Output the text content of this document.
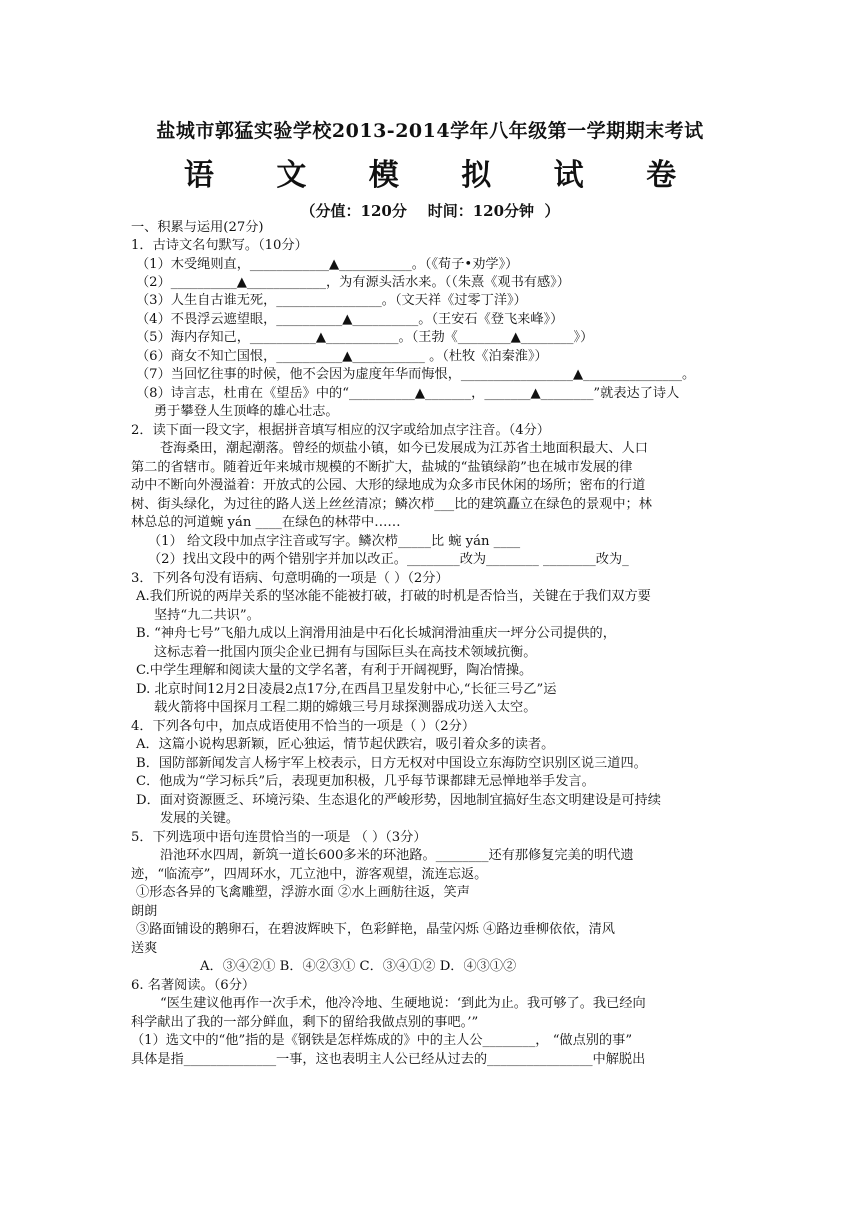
盐城市郭猛实验学校2013-2014学年八年级第一学期期末考试
语 文 模 拟 试 卷
（分值：120分    时间：120分钟  ）
一、积累与运用(27分)
1．古诗文名句默写。（10分）
（1）木受绳则直，____________▲___________。（《荀子•劝学》）
（2）__________▲____________，为有源头活水来。（（朱熹《观书有感》）
（3）人生自古谁无死，________________。（文天祥《过零丁洋》）
（4）不畏浮云遮望眼，__________▲__________。（王安石《登飞来峰》）
（5）海内存知己，__________▲___________。（王勃《________▲________》）
（6）商女不知亡国恨，__________▲___________ 。（杜牧《泊秦淮》）
（7）当回忆往事的时候，他不会因为虚度年华而悔恨，_________________▲_______________。
（8）诗言志，杜甫在《望岳》中的“__________▲_______，_______▲________”就表达了诗人
勇于攀登人生顶峰的雄心壮志。
2．读下面一段文字，根据拼音填写相应的汉字或给加点字注音。（4分）
苍海桑田，潮起潮落。曾经的烦盐小镇，如今已发展成为江苏省土地面积最大、人口
第二的省辖市。随着近年来城市规模的不断扩大，盐城的“盐镇绿韵”也在城市发展的律
动中不断向外漫溢着：开放式的公园、大形的绿地成为众多市民休闲的场所；密布的行道
树、街头绿化，为过往的路人送上丝丝清凉；鳞次栉___比的建筑矗立在绿色的景观中；林
林总总的河道蜿 yán ____在绿色的林带中……
（1） 给文段中加点字注音或写字。鳞次栉_____比 蜿 yán ____
（2）找出文段中的两个错别字并加以改正。________改为________ ________改为_
3．下列各句没有语病、句意明确的一项是（ ）（2分）
A.我们所说的两岸关系的坚冰能不能被打破，打破的时机是否恰当，关键在于我们双方要
坚持“九二共识”。
B. “神舟七号”飞船九成以上润滑用油是中石化长城润滑油重庆一坪分公司提供的，
这标志着一批国内顶尖企业已拥有与国际巨头在高技术领域抗衡。
C.中学生理解和阅读大量的文学名著，有利于开阔视野，陶冶情操。
D. 北京时间12月2日凌晨2点17分,在西昌卫星发射中心,“长征三号乙”运
载火箭将中国探月工程二期的嫦娥三号月球探测器成功送入太空。
4．下列各句中，加点成语使用不恰当的一项是（ ）（2分）
A．这篇小说构思新颖，匠心独运，情节起伏跌宕，吸引着众多的读者。
B．国防部新闻发言人杨宇军上校表示，日方无权对中国设立东海防空识别区说三道四。
C．他成为“学习标兵”后，表现更加积极，几乎每节课都肆无忌惮地举手发言。
D．面对资源匮乏、环境污染、生态退化的严峻形势，因地制宜搞好生态文明建设是可持续
发展的关键。
5．下列选项中语句连贯恰当的一项是 （ ）（3分）
沿池环水四周，新筑一道长600多米的环池路。________还有那修复完美的明代遗
迹，“临流亭”，四周环水，兀立池中，游客观望，流连忘返。
①形态各异的飞禽雕塑，浮游水面 ②水上画舫往返，笑声
朗朗
③路面铺设的鹅卵石，在碧波辉映下，色彩鲜艳，晶莹闪烁 ④路边垂柳依依，清风
送爽
A．③④②① B．④②③① C．③④①② D．④③①②
6. 名著阅读。（6分）
“医生建议他再作一次手术，他冷冷地、生硬地说：‘到此为止。我可够了。我已经向
科学献出了我的一部分鲜血，剩下的留给我做点别的事吧。’”
（1）选文中的“他”指的是《钢铁是怎样炼成的》中的主人公________， “做点别的事”
具体是指______________一事，这也表明主人公已经从过去的________________中解脱出
